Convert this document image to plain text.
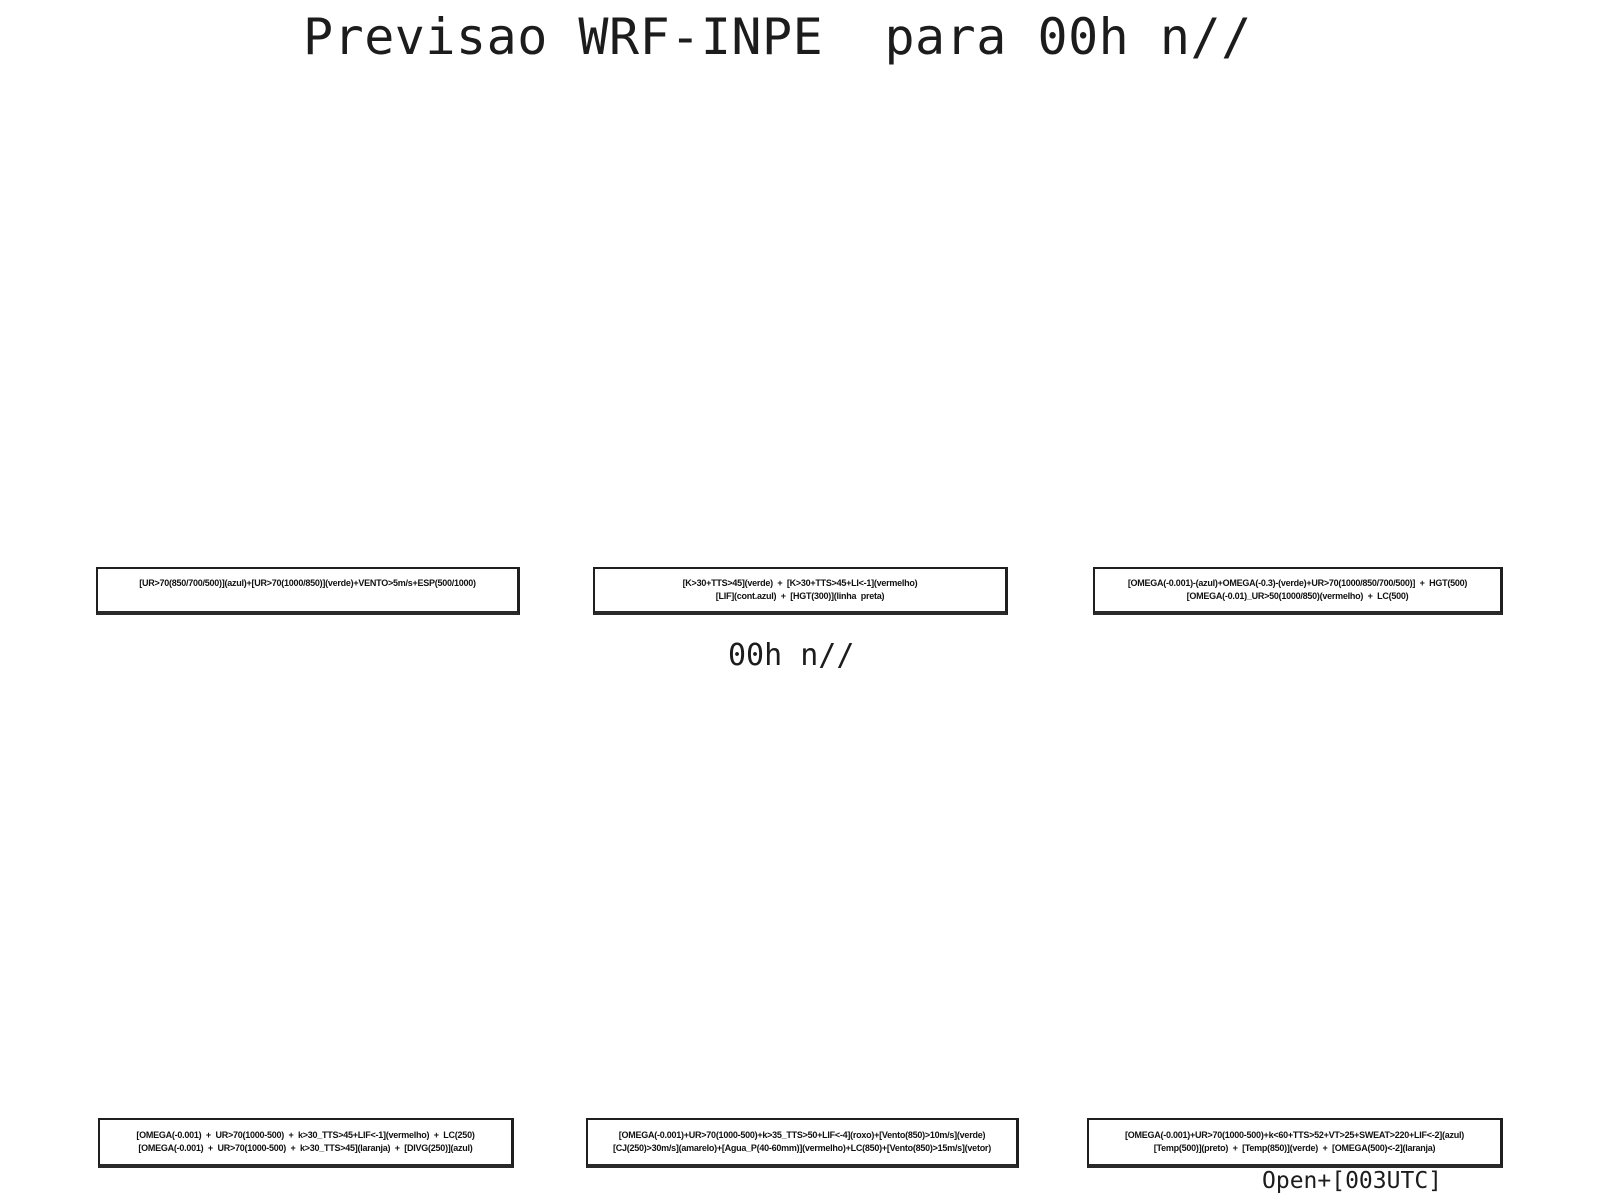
Previsao WRF-INPE  para 00h n//
[UR>70(850/700/500)](azul)+[UR>70(1000/850)](verde)+VENTO>5m/s+ESP(500/1000)	[K>30+TTS>45](verde)  +  [K>30+TTS>45+LI<-1](vermelho)
[LIF](cont.azul)  +  [HGT(300)](linha  preta)
[OMEGA(-0.001)-(azul)+OMEGA(-0.3)-(verde)+UR>70(1000/850/700/500)]  +  HGT(500)
[OMEGA(-0.01)_UR>50(1000/850)(vermelho)  +  LC(500)
00h n//
[OMEGA(-0.001)  +  UR>70(1000-500)  +  k>30_TTS>45+LIF<-1](vermelho)  +  LC(250)
[OMEGA(-0.001)  +  UR>70(1000-500)  +  k>30_TTS>45](laranja)  +  [DIVG(250)](azul)
[OMEGA(-0.001)+UR>70(1000-500)+k>35_TTS>50+LIF<-4](roxo)+[Vento(850)>10m/s](verde)
[CJ(250)>30m/s](amarelo)+[Agua_P(40-60mm)](vermelho)+LC(850)+[Vento(850)>15m/s](vetor)
[OMEGA(-0.001)+UR>70(1000-500)+k<60+TTS>52+VT>25+SWEAT>220+LIF<-2](azul)
[Temp(500)](preto)  +  [Temp(850)](verde)  +  [OMEGA(500)<-2](laranja)
Open+[003UTC]
